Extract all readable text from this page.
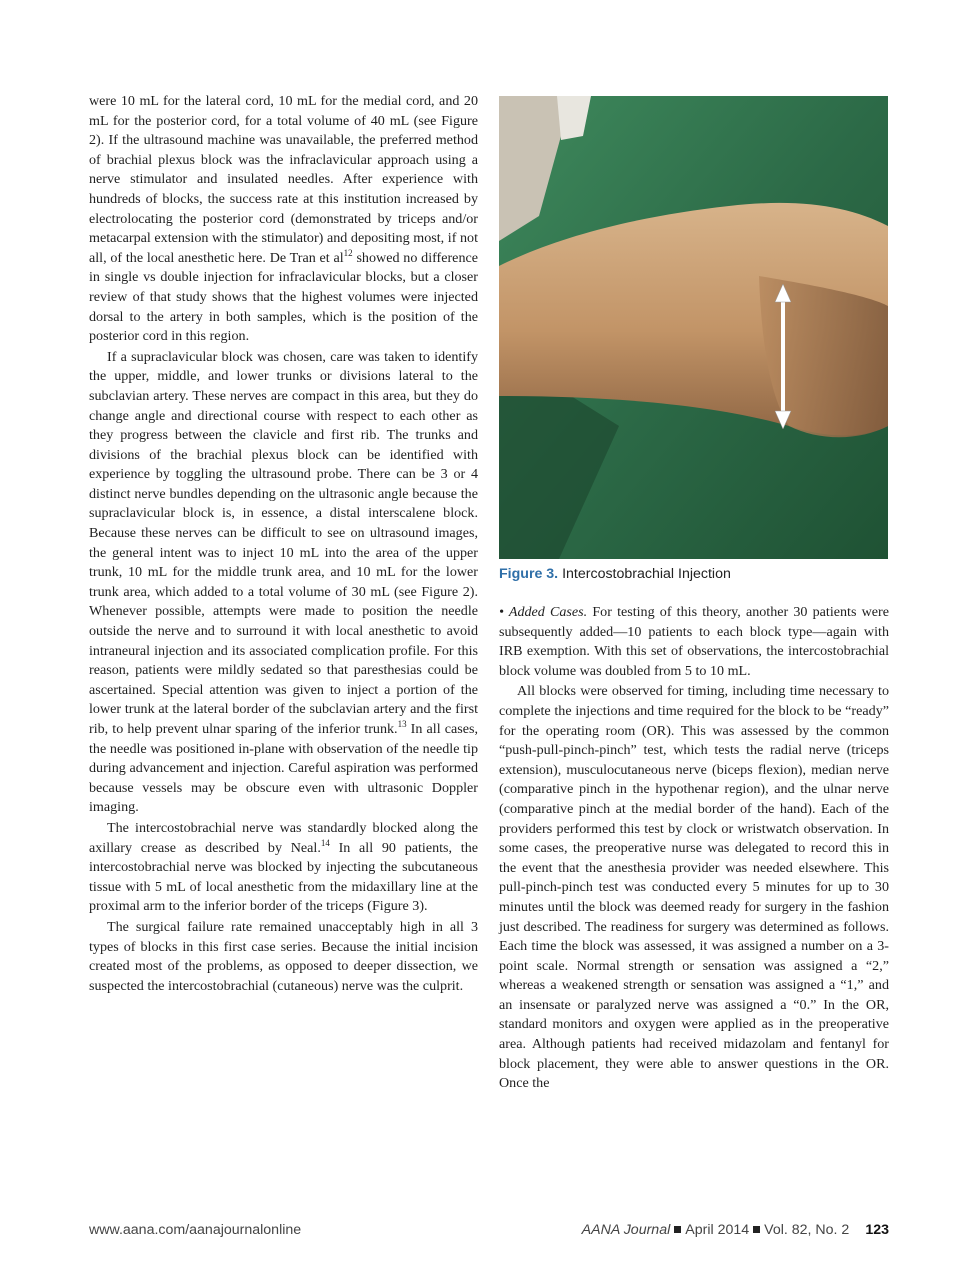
were 10 mL for the lateral cord, 10 mL for the medial cord, and 20 mL for the posterior cord, for a total volume of 40 mL (see Figure 2). If the ultrasound machine was unavailable, the preferred method of brachial plexus block was the infraclavicular approach using a nerve stimulator and insulated needles. After experience with hundreds of blocks, the success rate at this institution increased by electrolocating the posterior cord (demonstrated by triceps and/or metacarpal extension with the stimulator) and depositing most, if not all, of the local anesthetic here. De Tran et $al^{12}$ showed no difference in single vs double injection for infraclavicular blocks, but a closer review of that study shows that the highest volumes were injected dorsal to the artery in both samples, which is the position of the posterior cord in this region.

If a supraclavicular block was chosen, care was taken to identify the upper, middle, and lower trunks or divisions lateral to the subclavian artery. These nerves are compact in this area, but they do change angle and directional course with respect to each other as they progress between the clavicle and first rib. The trunks and divisions of the brachial plexus block can be identified with experience by toggling the ultrasound probe. There can be 3 or 4 distinct nerve bundles depending on the ultrasonic angle because the supraclavicular block is, in essence, a distal interscalene block. Because these nerves can be difficult to see on ultrasound images, the general intent was to inject 10 mL into the area of the upper trunk, 10 mL for the middle trunk area, and 10 mL for the lower trunk area, which added to a total volume of 30 mL (see Figure 2). Whenever possible, attempts were made to position the needle outside the nerve and to surround it with local anesthetic to avoid intraneural injection and its associated complication profile. For this reason, patients were mildly sedated so that paresthesias could be ascertained. Special attention was given to inject a portion of the lower trunk at the lateral border of the subclavian artery and the first rib, to help prevent ulnar sparing of the inferior trunk.$^{13}$ In all cases, the needle was positioned in-plane with observation of the needle tip during advancement and injection. Careful aspiration was performed because vessels may be obscure even with ultrasonic Doppler imaging.

The intercostobrachial nerve was standardly blocked along the axillary crease as described by Neal.$^{14}$ In all 90 patients, the intercostobrachial nerve was blocked by injecting the subcutaneous tissue with 5 mL of local anesthetic from the midaxillary line at the proximal arm to the inferior border of the triceps (Figure 3).

The surgical failure rate remained unacceptably high in all 3 types of blocks in this first case series. Because the initial incision created most of the problems, as opposed to deeper dissection, we suspected the intercostobrachial (cutaneous) nerve was the culprit.

Figure 3. Intercostobrachial Injection

• Added Cases. For testing of this theory, another 30 patients were subsequently added—10 patients to each block type—again with IRB exemption. With this set of observations, the intercostobrachial block volume was doubled from 5 to 10 mL.

All blocks were observed for timing, including time necessary to complete the injections and time required for the block to be “ready” for the operating room (OR). This was assessed by the common “push-pull-pinch-pinch” test, which tests the radial nerve (triceps extension), musculocutaneous nerve (biceps flexion), median nerve (comparative pinch in the hypothenar region), and the ulnar nerve (comparative pinch at the medial border of the hand). Each of the providers performed this test by clock or wristwatch observation. In some cases, the preoperative nurse was delegated to record this in the event that the anesthesia provider was needed elsewhere. This pull-pinch-pinch test was conducted every 5 minutes for up to 30 minutes until the block was deemed ready for surgery in the fashion just described. The readiness for surgery was determined as follows. Each time the block was assessed, it was assigned a number on a 3-point scale. Normal strength or sensation was assigned a “2,” whereas a weakened strength or sensation was assigned a “1,” and an insensate or paralyzed nerve was assigned a “0.” In the OR, standard monitors and oxygen were applied as in the preoperative area. Although patients had received midazolam and fentanyl for block placement, they were able to answer questions in the OR. Once the

www.aana.com/aanajournalonline	AANA Journal April 2014 Vol. 82, No. 2 123
